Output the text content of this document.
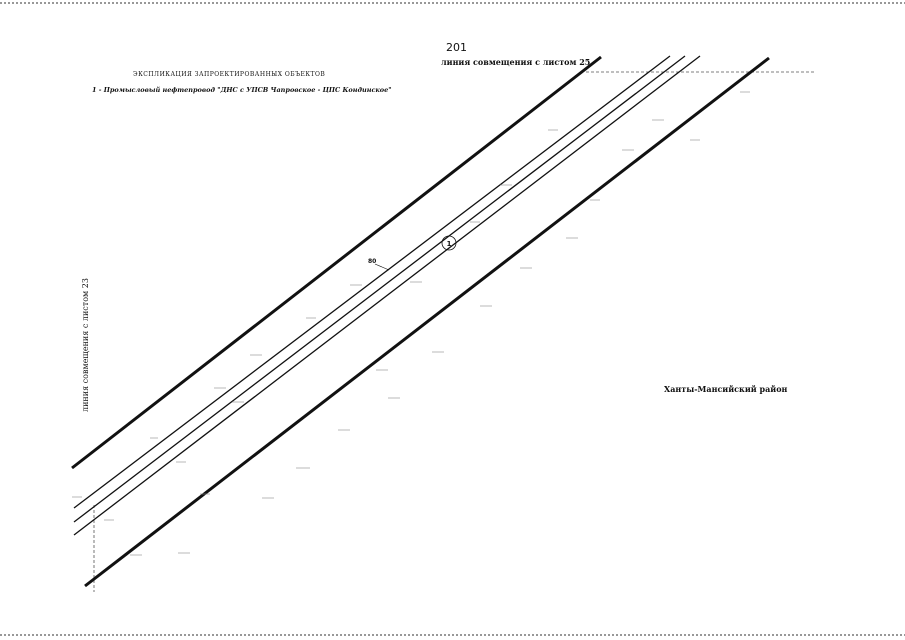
1
201
линия совмещения с листом 25
ЭКСПЛИКАЦИЯ ЗАПРОЕКТИРОВАННЫХ ОБЪЕКТОВ
1 - Промысловый нефтепровод "ДНС с УПСВ Чапровское - ЦПС Кондинское"
Ханты-Мансийский район
линия совмещения с листом 23
80
